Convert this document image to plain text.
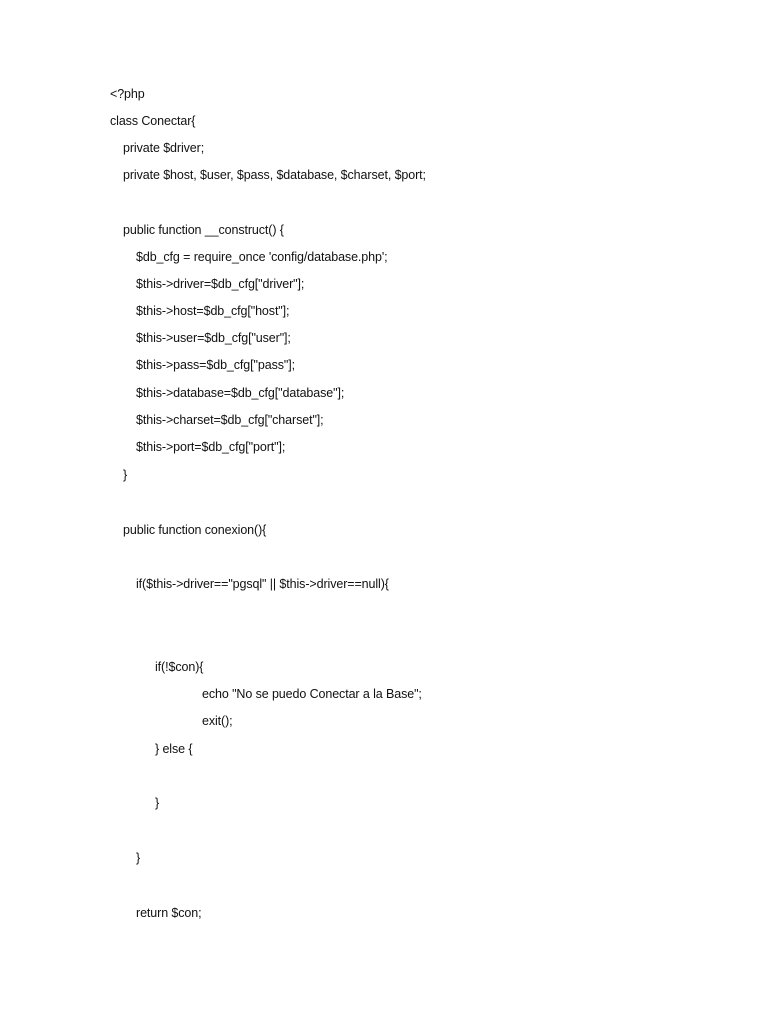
<?php
class Conectar{
private $driver;
private $host, $user, $pass, $database, $charset, $port;
public function __construct() {
$db_cfg = require_once 'config/database.php';
$this->driver=$db_cfg["driver"];
$this->host=$db_cfg["host"];
$this->user=$db_cfg["user"];
$this->pass=$db_cfg["pass"];
$this->database=$db_cfg["database"];
$this->charset=$db_cfg["charset"];
$this->port=$db_cfg["port"];
}
public function conexion(){
if($this->driver=="pgsql" || $this->driver==null){
if(!$con){
echo "No se puedo Conectar a la Base";
exit();
} else {
}
}
return $con;
